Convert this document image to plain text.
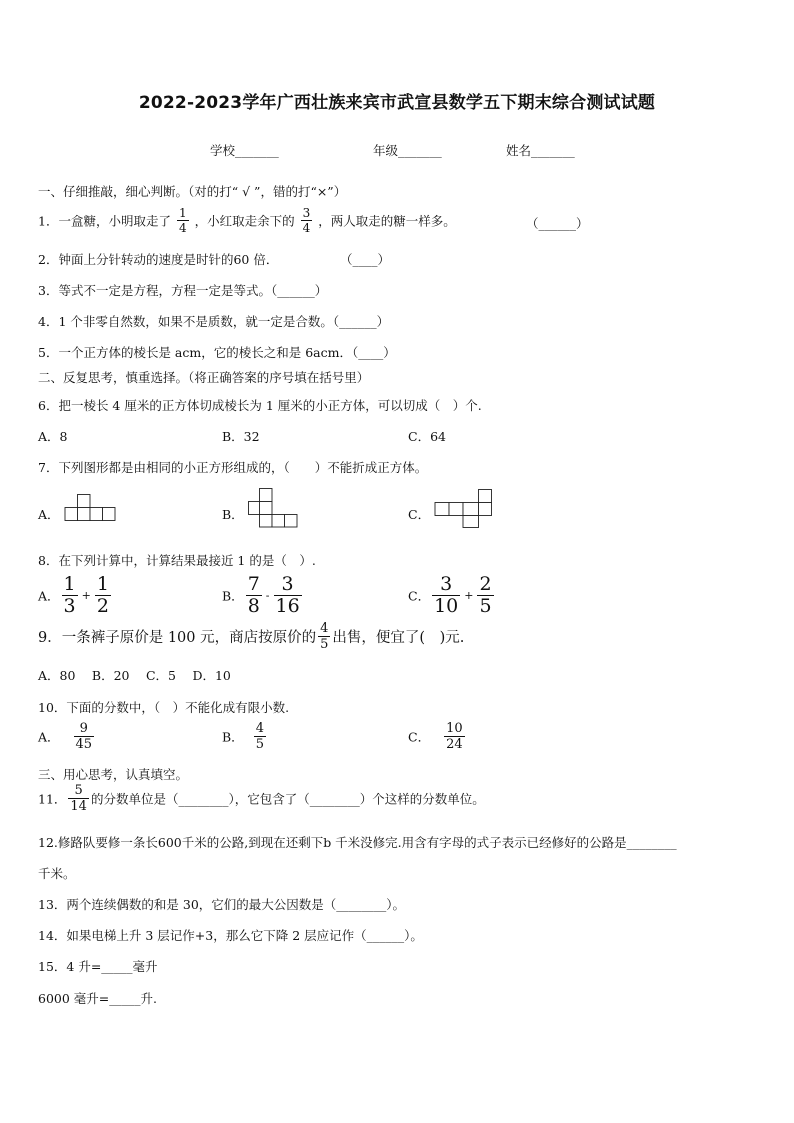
2022-2023学年广西壮族来宾市武宣县数学五下期末综合测试试题
学校_______	年级_______	姓名_______
一、仔细推敲，细心判断。（对的打“ √ ”，错的打“×”）
1．一盒糖，小明取走了 $\frac{1}{4}$ ，小红取走余下的 $\frac{3}{4}$ ，两人取走的糖一样多。	（______）
2．钟面上分针转动的速度是时针的60 倍．	（____）
3．等式不一定是方程，方程一定是等式。（______）
4．1 个非零自然数，如果不是质数，就一定是合数。（______）
5．一个正方体的棱长是 acm，它的棱长之和是 6acm．（____）
二、反复思考，慎重选择。（将正确答案的序号填在括号里）
6．把一棱长 4 厘米的正方体切成棱长为 1 厘米的小正方体，可以切成（　）个.
A．8	B．32	C．64
7．下列图形都是由相同的小正方形组成的，（　　）不能折成正方体。
A．	B．	C．
8．在下列计算中，计算结果最接近 1 的是（　）.
A． $\frac{1}{3} + \frac{1}{2}$	B． $\frac{7}{8} - \frac{3}{16}$	C． $\frac{3}{10} + \frac{2}{5}$
9．一条裤子原价是 100 元，商店按原价的 $\frac{4}{5}$ 出售，便宜了(　)元.
A．80　 B．20　 C．5　 D．10
10．下面的分数中，（　）不能化成有限小数.
A． $\frac{9}{45}$	B． $\frac{4}{5}$	C． $\frac{10}{24}$
三、用心思考，认真填空。
11． $\frac{5}{14}$ 的分数单位是（________），它包含了（________）个这样的分数单位。
12.修路队要修一条长600千米的公路,到现在还剩下b 千米没修完.用含有字母的式子表示已经修好的公路是________
千米。
13．两个连续偶数的和是 30，它们的最大公因数是（________）。
14．如果电梯上升 3 层记作+3，那么它下降 2 层应记作（______）。
15．4 升=_____毫升
6000 毫升=_____升.
